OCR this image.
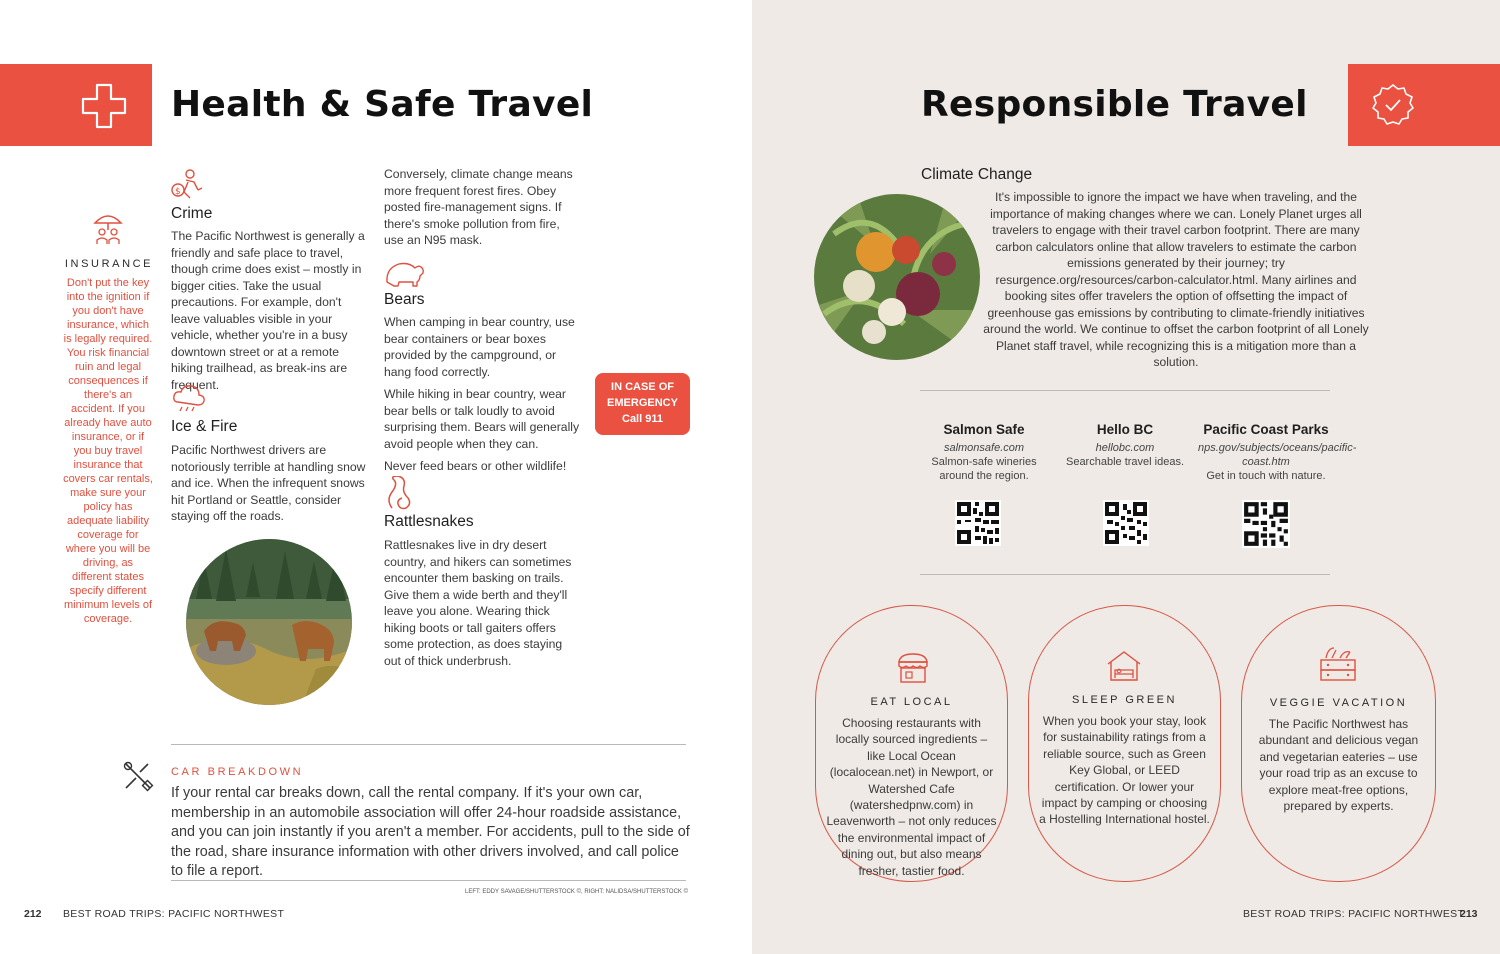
Health & Safe Travel
INSURANCE
Don't put the key into the ignition if you don't have insurance, which is legally required. You risk financial ruin and legal consequences if there's an accident. If you already have auto insurance, or if you buy travel insurance that covers car rentals, make sure your policy has adequate liability coverage for where you will be driving, as different states specify different minimum levels of coverage.
$
Crime
The Pacific Northwest is generally a friendly and safe place to travel, though crime does exist – mostly in bigger cities. Take the usual precautions. For example, don't leave valuables visible in your vehicle, whether you're in a busy downtown street or at a remote hiking trailhead, as break-ins are frequent.
Ice & Fire
Pacific Northwest drivers are notoriously terrible at handling snow and ice. When the infrequent snows hit Portland or Seattle, consider staying off the roads.
Conversely, climate change means more frequent forest fires. Obey posted fire-management signs. If there's smoke pollution from fire, use an N95 mask.
Bears

When camping in bear country, use bear containers or bear boxes provided by the campground, or hang food correctly.

While hiking in bear country, wear bear bells or talk loudly to avoid surprising them. Bears will generally avoid people when they can.

Never feed bears or other wildlife!

Rattlesnakes
Rattlesnakes live in dry desert country, and hikers can sometimes encounter them basking on trails. Give them a wide berth and they'll leave you alone. Wearing thick hiking boots or tall gaiters offers some protection, as does staying out of thick underbrush.
IN CASE OF
EMERGENCY
Call 911
CAR BREAKDOWN
If your rental car breaks down, call the rental company. If it's your own car, membership in an automobile association will offer 24-hour roadside assistance, and you can join instantly if you aren't a member. For accidents, pull to the side of the road, share insurance information with other drivers involved, and call police to file a report.
LEFT: EDDY SAVAGE/SHUTTERSTOCK ©, RIGHT: NALIDSA/SHUTTERSTOCK ©
212 BEST ROAD TRIPS: PACIFIC NORTHWEST
Responsible Travel
Climate Change
It's impossible to ignore the impact we have when traveling, and the importance of making changes where we can. Lonely Planet urges all travelers to engage with their travel carbon footprint. There are many carbon calculators online that allow travelers to estimate the carbon emissions generated by their journey; try resurgence.org/resources/carbon-calculator.html. Many airlines and booking sites offer travelers the option of offsetting the impact of greenhouse gas emissions by contributing to climate-friendly initiatives around the world. We continue to offset the carbon footprint of all Lonely Planet staff travel, while recognizing this is a mitigation more than a solution.
Salmon Safe
salmonsafe.com
Salmon-safe wineries around the region.
Hello BC
hellobc.com
Searchable travel ideas.
Pacific Coast Parks
nps.gov/subjects/oceans/pacific-coast.htm
Get in touch with nature.
EAT LOCAL
Choosing restaurants with locally sourced ingredients – like Local Ocean (localocean.net) in Newport, or Watershed Cafe (watershedpnw.com) in Leavenworth – not only reduces the environmental impact of dining out, but also means fresher, tastier food.
SLEEP GREEN
When you book your stay, look for sustainability ratings from a reliable source, such as Green Key Global, or LEED certification. Or lower your impact by camping or choosing a Hostelling International hostel.
VEGGIE VACATION
The Pacific Northwest has abundant and delicious vegan and vegetarian eateries – use your road trip as an excuse to explore meat-free options, prepared by experts.
BEST ROAD TRIPS: PACIFIC NORTHWEST
213
